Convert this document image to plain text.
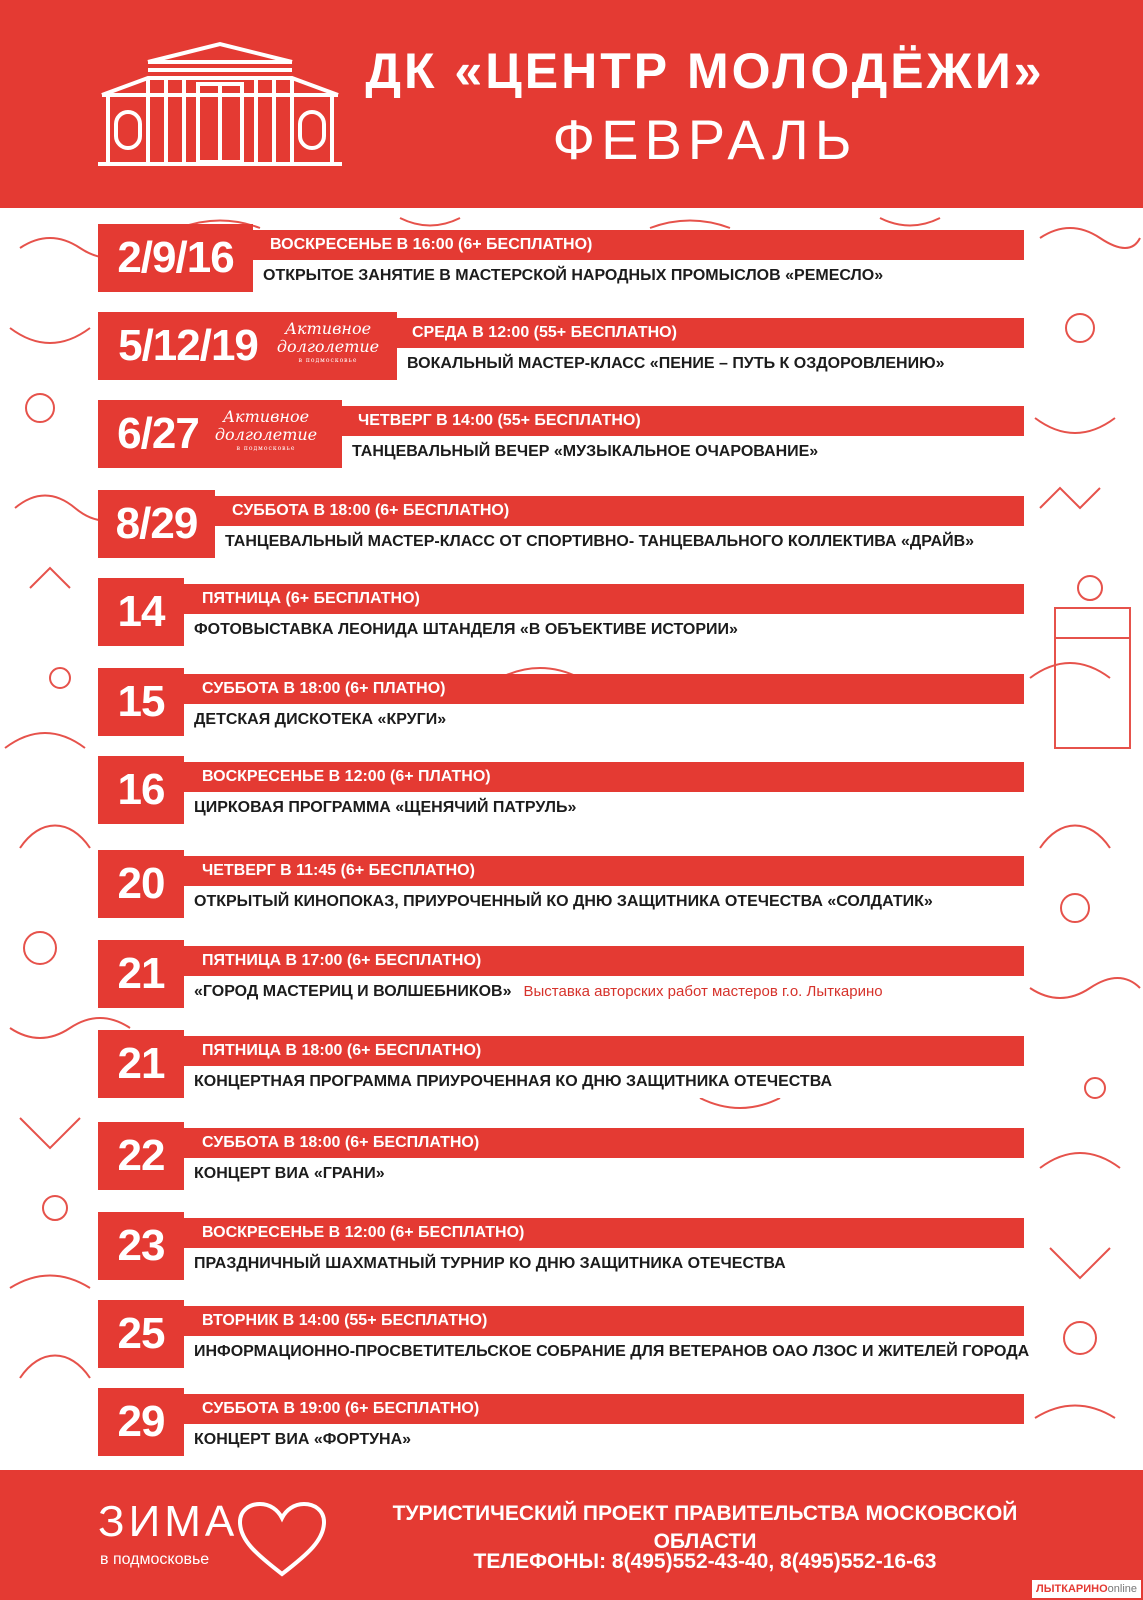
ДК «ЦЕНТР МОЛОДЁЖИ»
ФЕВРАЛЬ
2/9/16	ВОСКРЕСЕНЬЕ В 16:00 (6+ БЕСПЛАТНО)
ОТКРЫТОЕ ЗАНЯТИЕ В МАСТЕРСКОЙ НАРОДНЫХ ПРОМЫСЛОВ «РЕМЕСЛО»
5/12/19	Активное
долголетие
в подмосковье
СРЕДА В 12:00 (55+ БЕСПЛАТНО)
ВОКАЛЬНЫЙ МАСТЕР-КЛАСС «ПЕНИЕ – ПУТЬ К ОЗДОРОВЛЕНИЮ»
6/27	Активное
долголетие
в подмосковье
ЧЕТВЕРГ В 14:00 (55+ БЕСПЛАТНО)
ТАНЦЕВАЛЬНЫЙ ВЕЧЕР «МУЗЫКАЛЬНОЕ ОЧАРОВАНИЕ»
8/29	СУББОТА В 18:00 (6+ БЕСПЛАТНО)
ТАНЦЕВАЛЬНЫЙ МАСТЕР-КЛАСС ОТ СПОРТИВНО- ТАНЦЕВАЛЬНОГО КОЛЛЕКТИВА «ДРАЙВ»
14	ПЯТНИЦА (6+ БЕСПЛАТНО)
ФОТОВЫСТАВКА ЛЕОНИДА ШТАНДЕЛЯ «В ОБЪЕКТИВЕ ИСТОРИИ»
15	СУББОТА В 18:00 (6+ ПЛАТНО)
ДЕТСКАЯ ДИСКОТЕКА «КРУГИ»
16	ВОСКРЕСЕНЬЕ В 12:00 (6+ ПЛАТНО)
ЦИРКОВАЯ ПРОГРАММА «ЩЕНЯЧИЙ ПАТРУЛЬ»
20	ЧЕТВЕРГ В 11:45 (6+ БЕСПЛАТНО)
ОТКРЫТЫЙ КИНОПОКАЗ, ПРИУРОЧЕННЫЙ КО ДНЮ ЗАЩИТНИКА ОТЕЧЕСТВА «СОЛДАТИК»
21	ПЯТНИЦА В 17:00 (6+ БЕСПЛАТНО)
«ГОРОД МАСТЕРИЦ И ВОЛШЕБНИКОВ» Выставка авторских работ мастеров г.о. Лыткарино
21	ПЯТНИЦА В 18:00 (6+ БЕСПЛАТНО)
КОНЦЕРТНАЯ ПРОГРАММА ПРИУРОЧЕННАЯ КО ДНЮ ЗАЩИТНИКА ОТЕЧЕСТВА
22	СУББОТА В 18:00 (6+ БЕСПЛАТНО)
КОНЦЕРТ ВИА «ГРАНИ»
23	ВОСКРЕСЕНЬЕ В 12:00 (6+ БЕСПЛАТНО)
ПРАЗДНИЧНЫЙ ШАХМАТНЫЙ ТУРНИР КО ДНЮ ЗАЩИТНИКА ОТЕЧЕСТВА
25	ВТОРНИК В 14:00 (55+ БЕСПЛАТНО)
ИНФОРМАЦИОННО-ПРОСВЕТИТЕЛЬСКОЕ СОБРАНИЕ ДЛЯ ВЕТЕРАНОВ ОАО ЛЗОС И ЖИТЕЛЕЙ ГОРОДА
29	СУББОТА В 19:00 (6+ БЕСПЛАТНО)
КОНЦЕРТ ВИА «ФОРТУНА»
ЗИМА
в подмосковье
ТУРИСТИЧЕСКИЙ ПРОЕКТ ПРАВИТЕЛЬСТВА МОСКОВСКОЙ ОБЛАСТИ
ТЕЛЕФОНЫ: 8(495)552-43-40, 8(495)552-16-63
ЛЫТКАРИНОonline
